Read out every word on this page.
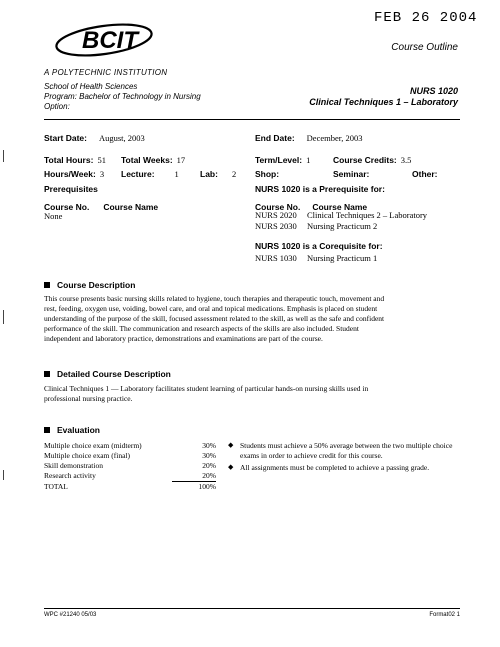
FEB 26 2004
BCIT	Course Outline
A POLYTECHNIC INSTITUTION
School of Health Sciences
Program: Bachelor of Technology in Nursing
Option:
NURS 1020
Clinical Techniques 1 – Laboratory
Start Date: August, 2003	End Date: December, 2003
Total Hours: 51 Total Weeks: 17	Term/Level: 1	Course Credits: 3.5
Hours/Week: 3 Lecture: 1 Lab: 2 Shop:	Seminar:	Other:
Prerequisites
Course No. Course Name
None
NURS 1020 is a Prerequisite for:
Course No. Course Name
NURS 2020 Clinical Techniques 2 – Laboratory
NURS 2030 Nursing Practicum 2
NURS 1020 is a Corequisite for:
NURS 1030 Nursing Practicum 1
Course Description
This course presents basic nursing skills related to hygiene, touch therapies and therapeutic touch, movement and
rest, feeding, oxygen use, voiding, bowel care, and oral and topical medications. Emphasis is placed on student
understanding of the purpose of the skill, focused assessment related to the skill, as well as the safe and confident
performance of the skill. The communication and research aspects of the skills are also included. Student
independent and laboratory practice, demonstrations and examinations are part of the course.
Detailed Course Description
Clinical Techniques 1 — Laboratory facilitates student learning of particular hands-on nursing skills used in
professional nursing practice.
Evaluation
Multiple choice exam (midterm)	30%
Multiple choice exam (final)	30%
Skill demonstration	20%
Research activity	20%
TOTAL	100%
◆ Students must achieve a 50% average between the two multiple choice exams in order to achieve credit for this course.
◆ All assignments must be completed to achieve a passing grade.
WPC #21240 05/03	Format02 1
